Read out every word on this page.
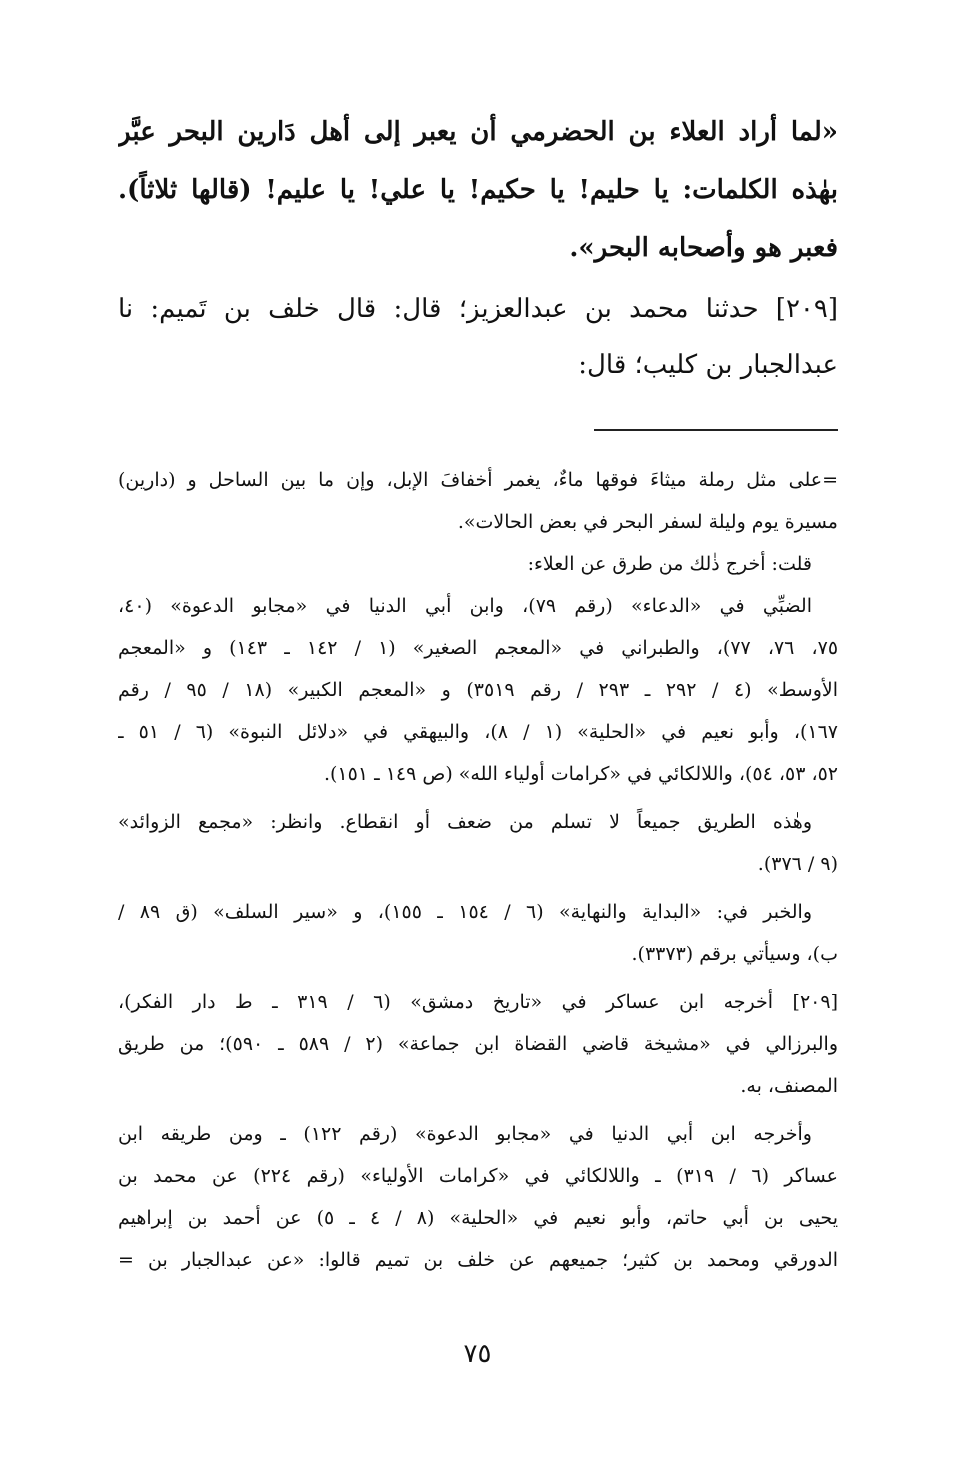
«لما أراد العلاء بن الحضرمي أن يعبر إلى أهل دَارين البحر عبَّر
بهٰذه الكلمات: يا حليم! يا حكيم! يا علي! يا عليم! (قالها ثلاثاً).
فعبر هو وأصحابه البحر».
[٢٠٩] حدثنا محمد بن عبدالعزيز؛ قال: قال خلف بن تَميم: نا
عبدالجبار بن كليب؛ قال:
=على مثل رملة ميثاءَ فوقها ماءٌ، يغمر أخفافَ الإبل، وإن ما بين الساحل و (دارين)
مسيرة يوم وليلة لسفر البحر في بعض الحالات».
قلت: أخرج ذٰلك من طرق عن العلاء:
الضبِّي في «الدعاء» (رقم ٧٩)، وابن أبي الدنيا في «مجابو الدعوة» (٤٠،
٧٥، ٧٦، ٧٧)، والطبراني في «المعجم الصغير» (١ / ١٤٢ ـ ١٤٣) و «المعجم
الأوسط» (٤ / ٢٩٢ ـ ٢٩٣ / رقم ٣٥١٩) و «المعجم الكبير» (١٨ / ٩٥ / رقم
١٦٧)، وأبو نعيم في «الحلية» (١ / ٨)، والبيهقي في «دلائل النبوة» (٦ / ٥١ ـ
٥٢، ٥٣، ٥٤)، واللالكائي في «كرامات أولياء الله» (ص ١٤٩ ـ ١٥١).
وهٰذه الطريق جميعاً لا تسلم من ضعف أو انقطاع. وانظر: «مجمع الزوائد»
(٩ / ٣٧٦).
والخبر في: «البداية والنهاية» (٦ / ١٥٤ ـ ١٥٥)، و «سير السلف» (ق ٨٩ /
ب)، وسيأتي برقم (٣٣٧٣).
[٢٠٩] أخرجه ابن عساكر في «تاريخ دمشق» (٦ / ٣١٩ ـ ط دار الفكر)،
والبرزالي في «مشيخة قاضي القضاة ابن جماعة» (٢ / ٥٨٩ ـ ٥٩٠)؛ من طريق
المصنف، به.
وأخرجه ابن أبي الدنيا في «مجابو الدعوة» (رقم ١٢٢) ـ ومن طريقه ابن
عساكر (٦ / ٣١٩) ـ واللالكائي في «كرامات الأولياء» (رقم ٢٢٤) عن محمد بن
يحيى بن أبي حاتم، وأبو نعيم في «الحلية» (٨ / ٤ ـ ٥) عن أحمد بن إبراهيم
الدورقي ومحمد بن كثير؛ جميعهم عن خلف بن تميم قالوا: «عن عبدالجبار بن =
٧٥
